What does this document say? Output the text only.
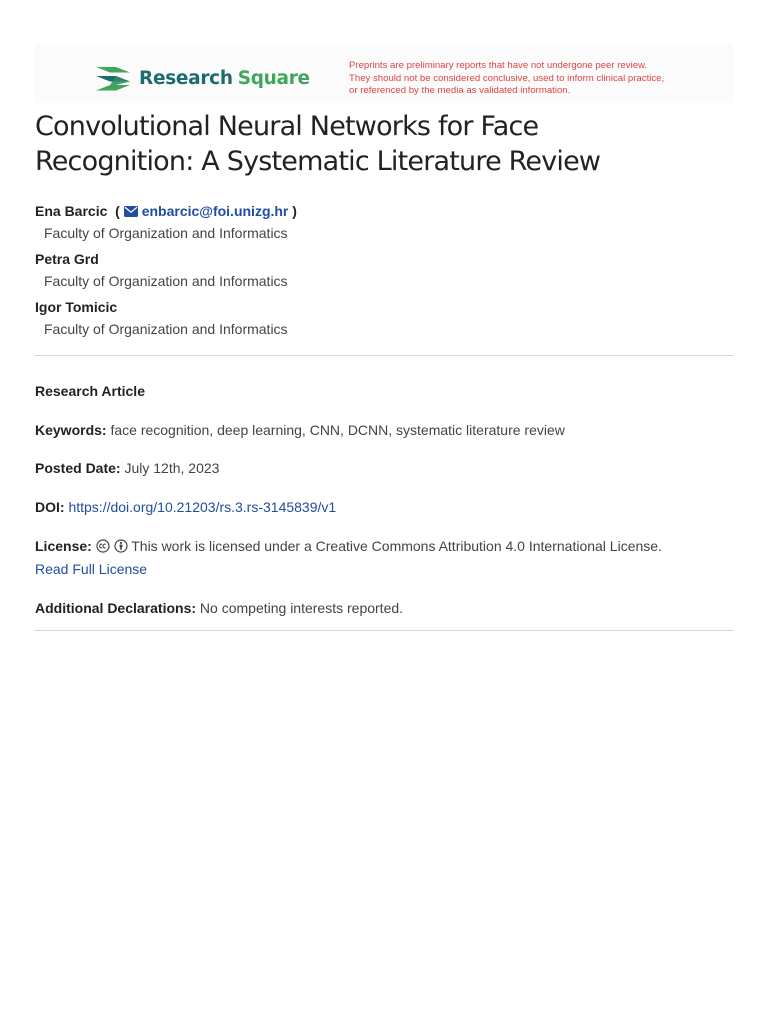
Research Square
Preprints are preliminary reports that have not undergone peer review.
They should not be considered conclusive, used to inform clinical practice,
or referenced by the media as validated information.
Convolutional Neural Networks for Face
Recognition: A Systematic Literature Review
Ena Barcic ( enbarcic@foi.unizg.hr )
Faculty of Organization and Informatics
Petra Grd
Faculty of Organization and Informatics
Igor Tomicic
Faculty of Organization and Informatics
Research Article
Keywords: face recognition, deep learning, CNN, DCNN, systematic literature review
Posted Date: July 12th, 2023
DOI: https://doi.org/10.21203/rs.3.rs-3145839/v1
License:	This work is licensed under a Creative Commons Attribution 4.0 International License.
Read Full License
Additional Declarations: No competing interests reported.
